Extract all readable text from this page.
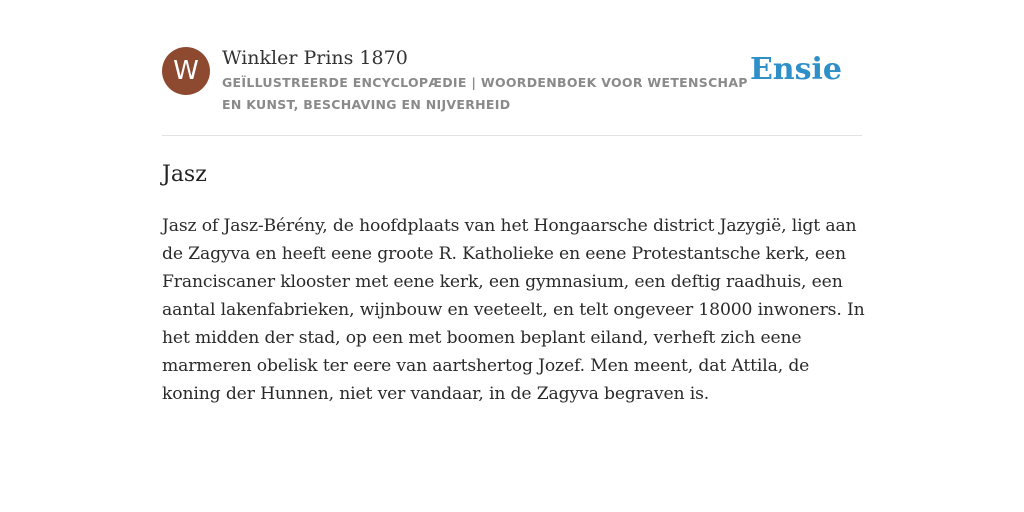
W	Winkler Prins 1870
GEÏLLUSTREERDE ENCYCLOPÆDIE | WOORDENBOEK VOOR WETENSCHAP EN KUNST, BESCHAVING EN NIJVERHEID
Ensie
Jasz

Jasz of Jasz-Bérény, de hoofdplaats van het Hongaarsche district Jazygië, ligt aan de Zagyva en heeft eene groote R. Katholieke en eene Protestantsche kerk, een Franciscaner klooster met eene kerk, een gymnasium, een deftig raadhuis, een aantal lakenfabrieken, wijnbouw en veeteelt, en telt ongeveer 18000 inwoners. In het midden der stad, op een met boomen beplant eiland, verheft zich eene marmeren obelisk ter eere van aartshertog Jozef. Men meent, dat Attila, de koning der Hunnen, niet ver vandaar, in de Zagyva begraven is.
